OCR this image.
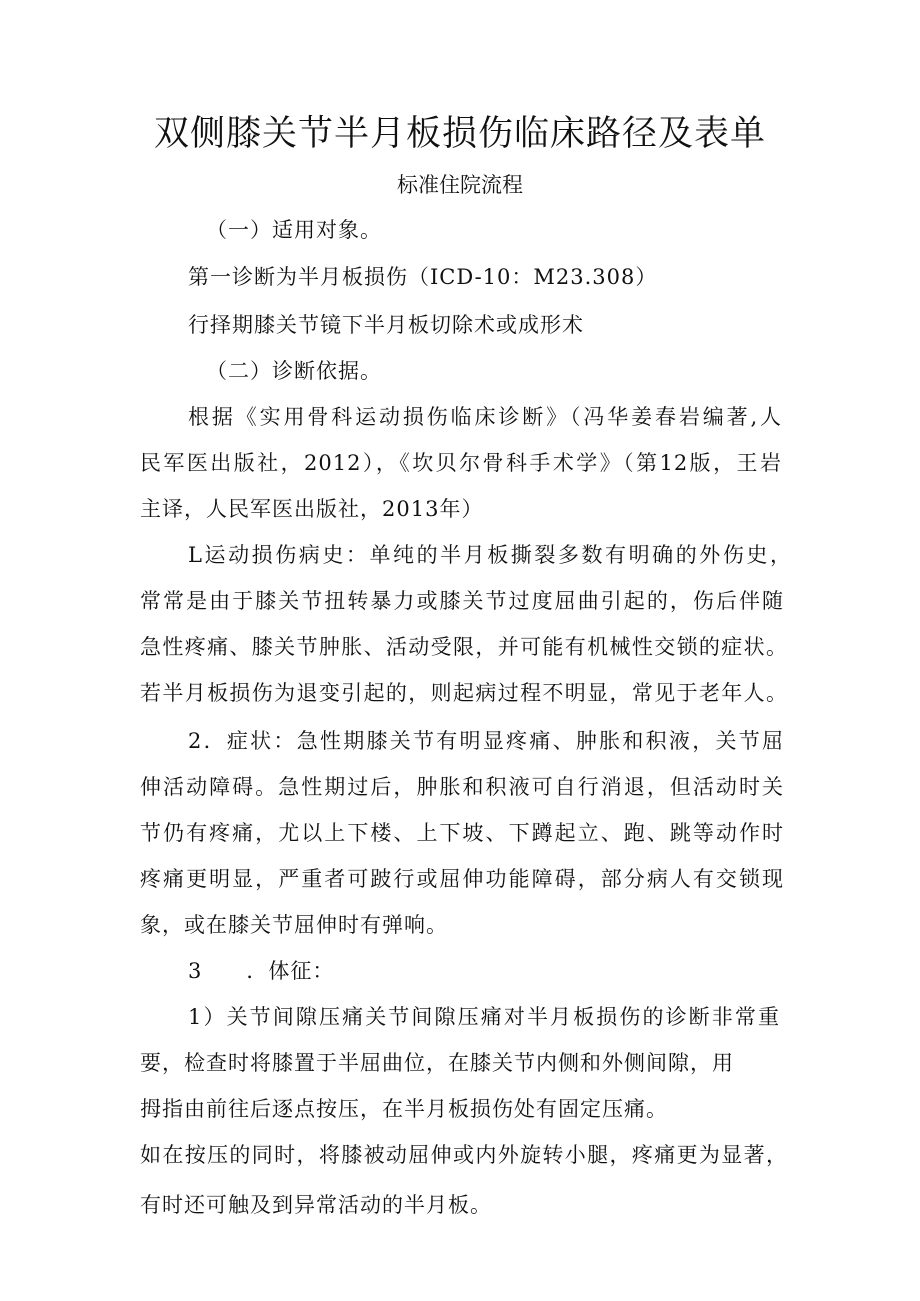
双侧膝关节半月板损伤临床路径及表单
标准住院流程
（一）适用对象。
第一诊断为半月板损伤（ICD-10：M23.308）
行择期膝关节镜下半月板切除术或成形术
（二）诊断依据。
根据《实用骨科运动损伤临床诊断》（冯华姜春岩编著,人
民军医出版社，2012），《坎贝尔骨科手术学》（第12版，王岩
主译，人民军医出版社，2013年）
L运动损伤病史：单纯的半月板撕裂多数有明确的外伤史，
常常是由于膝关节扭转暴力或膝关节过度屈曲引起的，伤后伴随
急性疼痛、膝关节肿胀、活动受限，并可能有机械性交锁的症状。
若半月板损伤为退变引起的，则起病过程不明显，常见于老年人。
2．症状：急性期膝关节有明显疼痛、肿胀和积液，关节屈
伸活动障碍。急性期过后，肿胀和积液可自行消退，但活动时关
节仍有疼痛，尤以上下楼、上下坡、下蹲起立、跑、跳等动作时
疼痛更明显，严重者可跛行或屈伸功能障碍，部分病人有交锁现
象，或在膝关节屈伸时有弹响。
3　　．体征：
1）关节间隙压痛关节间隙压痛对半月板损伤的诊断非常重
要，检查时将膝置于半屈曲位，在膝关节内侧和外侧间隙，用
拇指由前往后逐点按压，在半月板损伤处有固定压痛。
如在按压的同时，将膝被动屈伸或内外旋转小腿，疼痛更为显著，
有时还可触及到异常活动的半月板。
